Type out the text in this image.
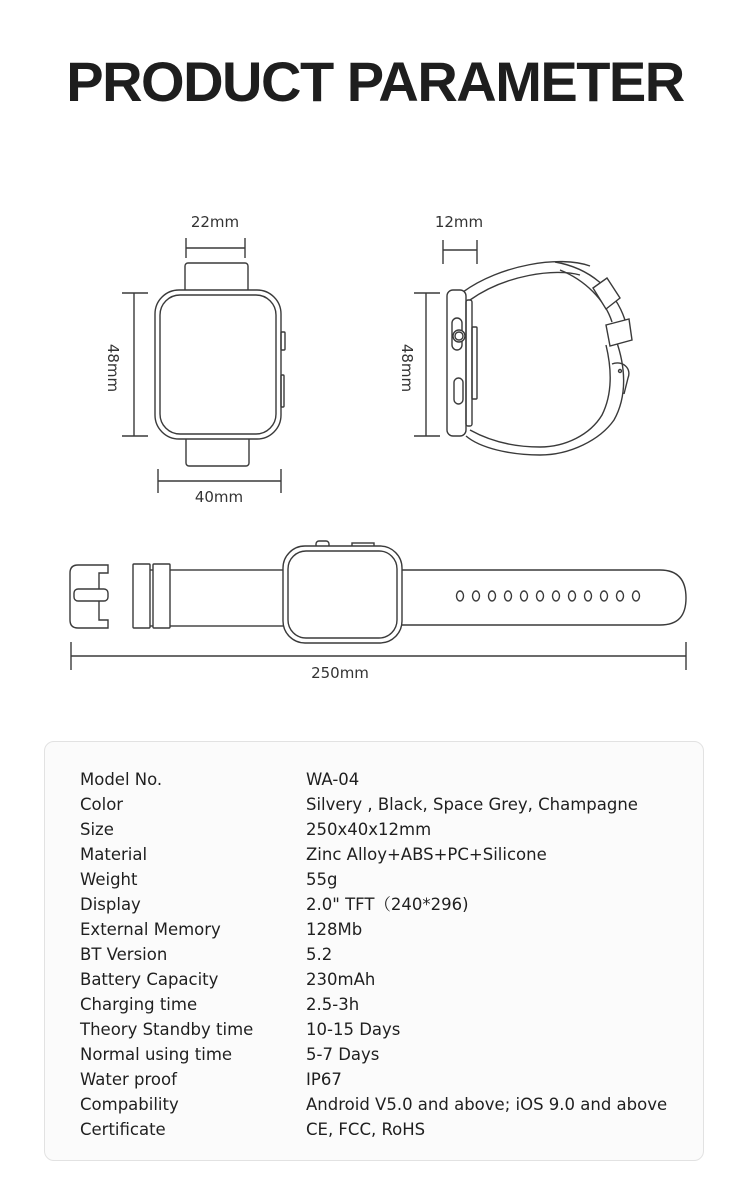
PRODUCT PARAMETER
22mm
48mm
40mm
12mm
48mm
250mm
Model No.	WA-04
Color	Silvery , Black, Space Grey, Champagne
Size	250x40x12mm
Material	Zinc Alloy+ABS+PC+Silicone
Weight	55g
Display	2.0" TFT（240*296)
External Memory	128Mb
BT Version	5.2
Battery Capacity	230mAh
Charging time	2.5-3h
Theory Standby time	10-15 Days
Normal using time	5-7 Days
Water proof	IP67
Compability	Android V5.0 and above; iOS 9.0 and above
Certificate	CE, FCC, RoHS
